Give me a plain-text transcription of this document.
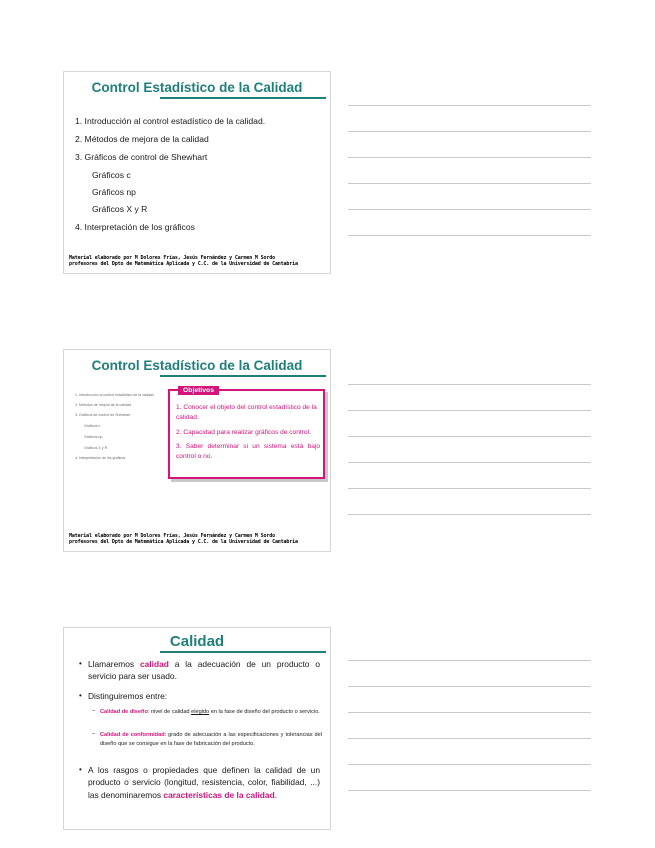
Control Estadístico de la Calidad
1. Introducción al control estadístico de la calidad.
2. Métodos de mejora de la calidad
3. Gráficos de control de Shewhart
Gráficos c
Gráficos np
Gráficos X y R
4. Interpretación de los gráficos
Material elaborado por M Dolores Frías, Jesús Fernández y Carmen M Sordo
profesores del Dpto de Matemática Aplicada y C.C. de la Universidad de Cantabria
Control Estadístico de la Calidad
1. Introducción al control estadístico de la calidad.
2. Métodos de mejora de la calidad
3. Gráficos de control de Shewhart
Gráficos c
Gráficos np
Gráficos X y R
4. Interpretación de los gráficos
Objetivos
1. Conocer el objeto del control estadístico de la calidad.
2. Capacidad para realizar gráficos de control.
3. Saber determinar si un sistema está bajo control o no.
Material elaborado por M Dolores Frías, Jesús Fernández y Carmen M Sordo
profesores del Dpto de Matemática Aplicada y C.C. de la Universidad de Cantabria
Calidad
• Llamaremos calidad a la adecuación de un producto o servicio para ser usado.
• Distinguiremos entre:
– Calidad de diseño: nivel de calidad elegido en la fase de diseño del producto o servicio.
– Calidad de conformidad: grado de adecuación a las especificaciones y tolerancias del diseño que se consigue en la fase de fabricación del producto.
• A los rasgos o propiedades que definen la calidad de un producto o servicio (longitud, resistencia, color, fiabilidad, ...) las denominaremos características de la calidad.
